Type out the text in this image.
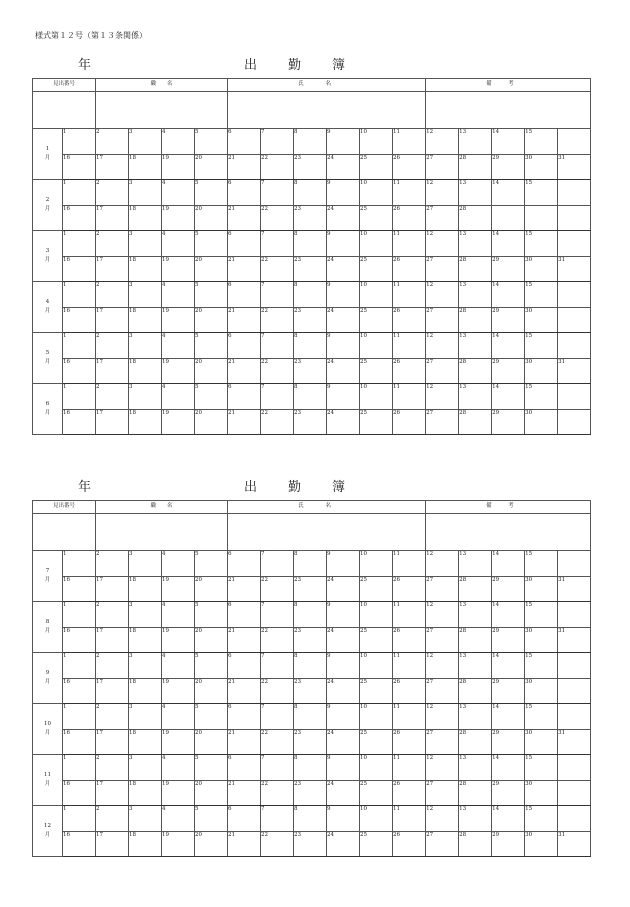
様式第１２号（第１３条関係）
年	出 勤 簿
見出番号		職　　名				氏　　　　名						備　　　考				

1
月	1	2	3	4	5	6	7	8	9	10	11	12	13	14	15	
	16	17	18	19	20	21	22	23	24	25	26	27	28	29	30	31

2
月	1	2	3	4	5	6	7	8	9	10	11	12	13	14	15	
	16	17	18	19	20	21	22	23	24	25	26	27	28			

3
月	1	2	3	4	5	6	7	8	9	10	11	12	13	14	15	
	16	17	18	19	20	21	22	23	24	25	26	27	28	29	30	31

4
月	1	2	3	4	5	6	7	8	9	10	11	12	13	14	15	
	16	17	18	19	20	21	22	23	24	25	26	27	28	29	30	

5
月	1	2	3	4	5	6	7	8	9	10	11	12	13	14	15	
	16	17	18	19	20	21	22	23	24	25	26	27	28	29	30	31

6
月	1	2	3	4	5	6	7	8	9	10	11	12	13	14	15	
	16	17	18	19	20	21	22	23	24	25	26	27	28	29	30	
年	出 勤 簿
見出番号		職　　名				氏　　　　名						備　　　考				

7
月	1	2	3	4	5	6	7	8	9	10	11	12	13	14	15	
	16	17	18	19	20	21	22	23	24	25	26	27	28	29	30	31

8
月	1	2	3	4	5	6	7	8	9	10	11	12	13	14	15	
	16	17	18	19	20	21	22	23	24	25	26	27	28	29	30	31

9
月	1	2	3	4	5	6	7	8	9	10	11	12	13	14	15	
	16	17	18	19	20	21	22	23	24	25	26	27	28	29	30	

10
月	1	2	3	4	5	6	7	8	9	10	11	12	13	14	15	
	16	17	18	19	20	21	22	23	24	25	26	27	28	29	30	31

11
月	1	2	3	4	5	6	7	8	9	10	11	12	13	14	15	
	16	17	18	19	20	21	22	23	24	25	26	27	28	29	30	

12
月	1	2	3	4	5	6	7	8	9	10	11	12	13	14	15	
	16	17	18	19	20	21	22	23	24	25	26	27	28	29	30	31
